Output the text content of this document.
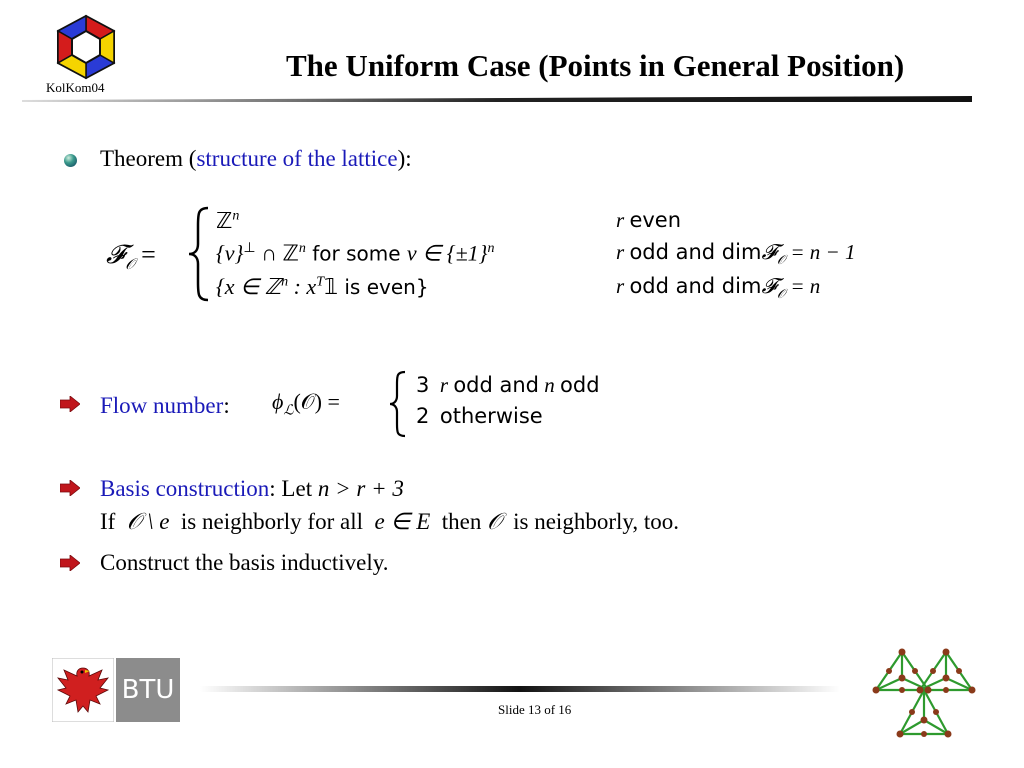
KolKom04
The Uniform Case (Points in General Position)
Theorem (structure of the lattice):
𝓕$_𝒪$ =
ℤ$^n$	r even
{v}⊥ ∩ ℤ$^n$ for some v ∈ $\{\pm 1\}^n$	r odd and dim𝓕$_𝒪$ = n − 1
{x ∈ ℤ$^n$ : $x^T𝟙$ is even}	r odd and dim𝓕$_𝒪$ = n
Flow number: $\phi_ℒ(𝒪)$ =
3 r odd and n odd
2 otherwise
Basis construction: Let n > r + 3
If 𝒪 \ e is neighborly for all e ∈ E then 𝒪 is neighborly, too.
Construct the basis inductively.
BTU
Slide 13 of 16
